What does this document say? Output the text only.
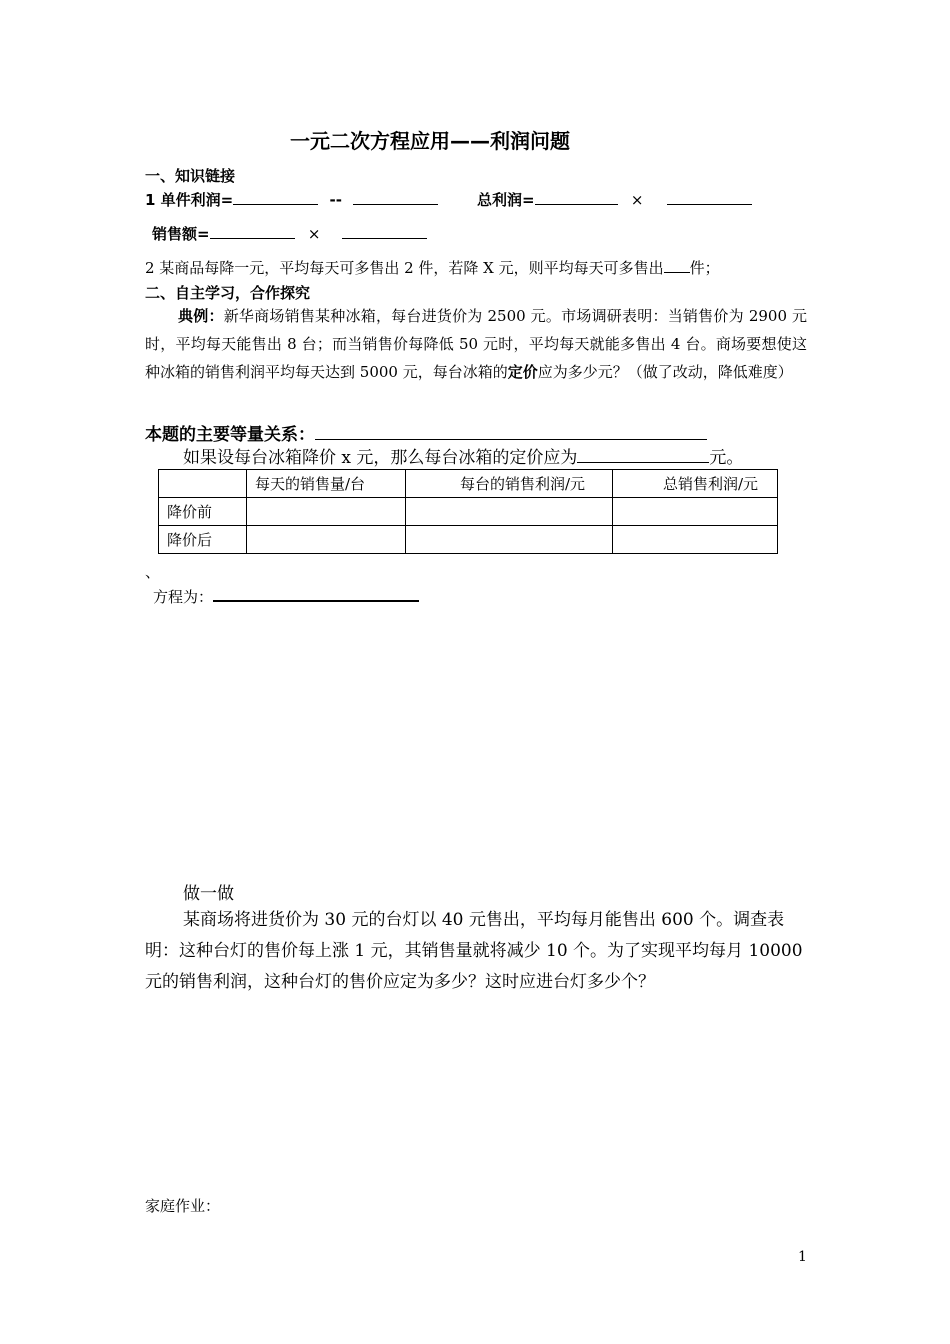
一元二次方程应用——利润问题
一、知识链接
1 单件利润=	--	总利润=	×
销售额=	×
2 某商品每降一元，平均每天可多售出 2 件，若降 X 元，则平均每天可多售出 件；
二、自主学习，合作探究
典例：新华商场销售某种冰箱，每台进货价为 2500 元。市场调研表明：当销售价为 2900 元时，平均每天能售出 8 台；而当销售价每降低 50 元时，平均每天就能多售出 4 台。商场要想使这种冰箱的销售利润平均每天达到 5000 元，每台冰箱的定价应为多少元？（做了改动，降低难度）
本题的主要等量关系：
如果设每台冰箱降价 x 元，那么每台冰箱的定价应为	元。
	每天的销售量/台	每台的销售利润/元	总销售利润/元
降价前			
降价后			
、
方程为：
做一做
某商场将进货价为 30 元的台灯以 40 元售出，平均每月能售出 600 个。调查表明：这种台灯的售价每上涨 1 元，其销售量就将减少 10 个。为了实现平均每月 10000 元的销售利润，这种台灯的售价应定为多少？这时应进台灯多少个？
家庭作业：
1
